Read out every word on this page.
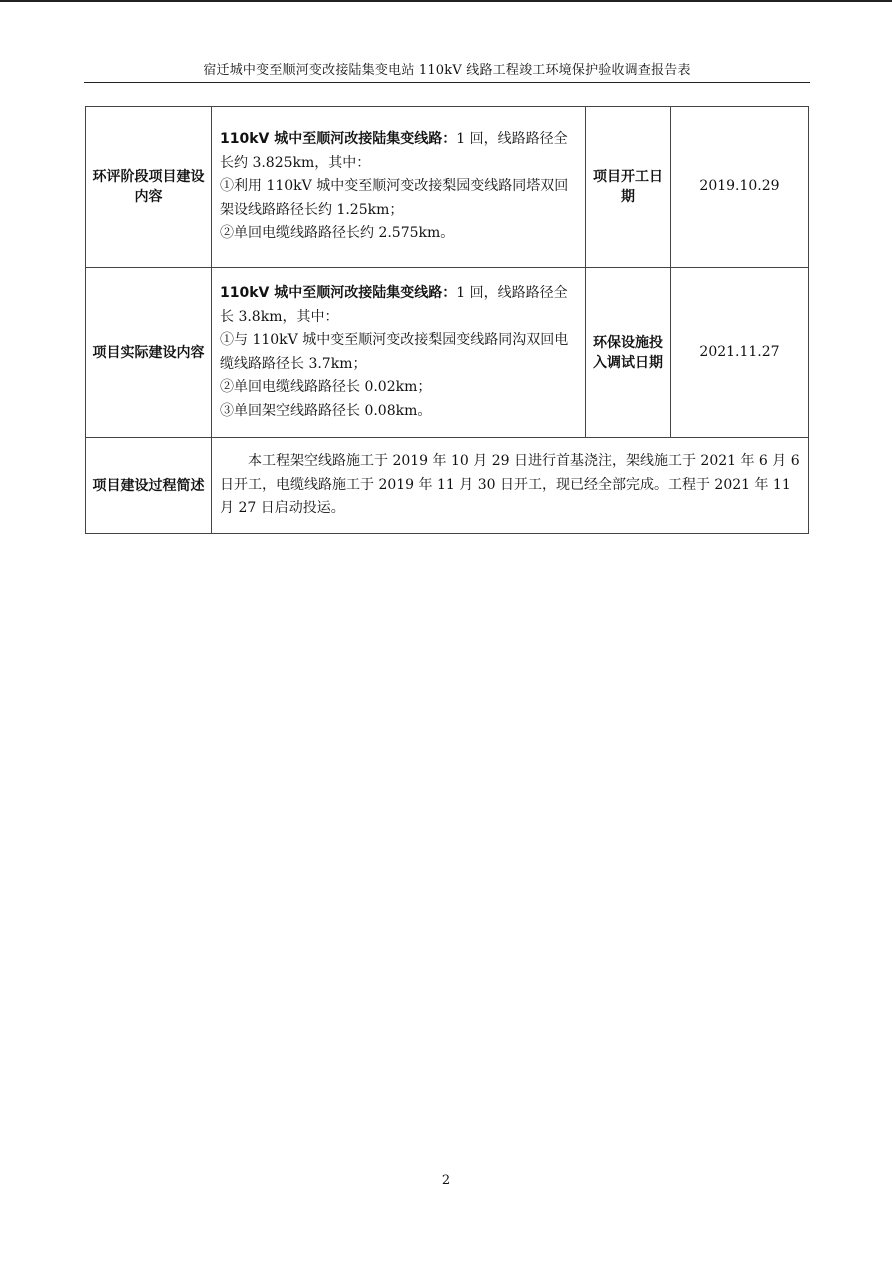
宿迁城中变至顺河变改接陆集变电站 110kV 线路工程竣工环境保护验收调查报告表
环评阶段项目建设内容	110kV 城中至顺河改接陆集变线路：1 回，线路路径全长约 3.825km，其中：

①利用 110kV 城中变至顺河变改接梨园变线路同塔双回架设线路路径长约 1.25km；

②单回电缆线路路径长约 2.575km。	项目开工日期	2019.10.29
项目实际建设内容	110kV 城中至顺河改接陆集变线路：1 回，线路路径全长 3.8km，其中：

①与 110kV 城中变至顺河变改接梨园变线路同沟双回电缆线路路径长 3.7km；

②单回电缆线路路径长 0.02km；

③单回架空线路路径长 0.08km。	环保设施投入调试日期	2021.11.27
项目建设过程简述	本工程架空线路施工于 2019 年 10 月 29 日进行首基浇注，架线施工于 2021 年 6 月 6 日开工，电缆线路施工于 2019 年 11 月 30 日开工，现已经全部完成。工程于 2021 年 11 月 27 日启动投运。		
2
